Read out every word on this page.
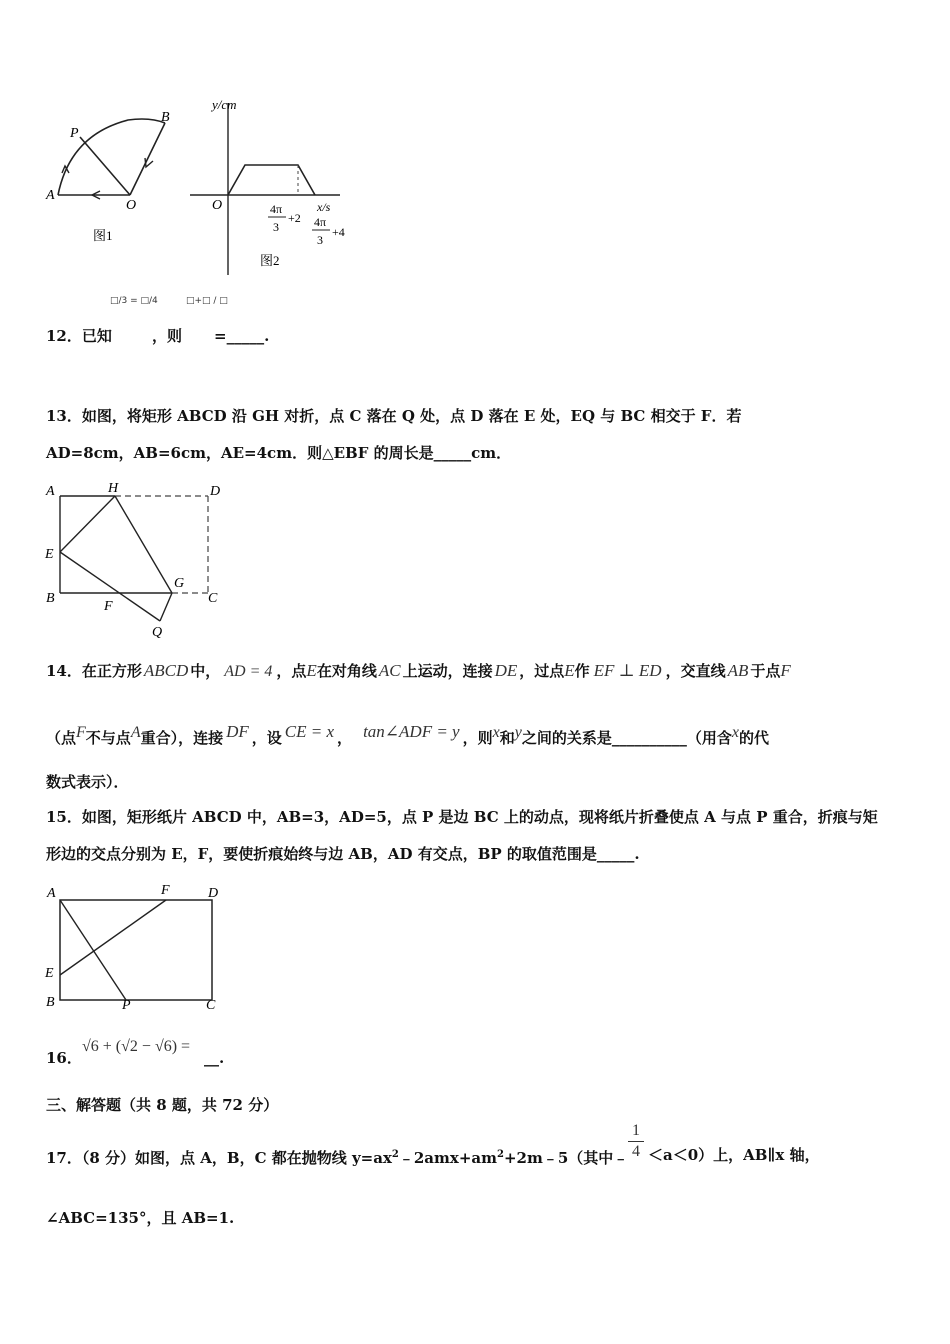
A
O
P
B
图1
y/cm
x/s
O	4π
3
+2 4π
3
+4
图2
□/3 = □/4	□+□ / □
12．已知	，则 =_____.
13．如图，将矩形 ABCD 沿 GH 对折，点 C 落在 Q 处，点 D 落在 E 处，EQ 与 BC 相交于 F．若
AD=8cm，AB=6cm，AE=4cm．则△EBF 的周长是_____cm．
A	H	D
E
G
B
F
C
Q
14．在正方形 ABCD 中， AD = 4 ，点E在对角线 AC 上运动，连接 DE ，过点E作 EF ⊥ ED ，交直线 AB 于点F
（点$^F$不与点$^A$重合），连接 $^{DF}$ ，设 $^{CE = x}$ ， $^{tan\angle ADF = y}$ ，则$^x$和$^y$之间的关系是__________（用含$^x$的代
数式表示）．
15．如图，矩形纸片 ABCD 中，AB=3，AD=5，点 P 是边 BC 上的动点，现将纸片折叠使点 A 与点 P 重合，折痕与矩
形边的交点分别为 E，F，要使折痕始终与边 AB，AD 有交点，BP 的取值范围是_____.
A	F	D
E
B	P	C
16．
√6 + (√2 − √6) =
__.
三、解答题（共 8 题，共 72 分）
17．（8 分）如图，点 A，B，C 都在抛物线 $y=ax^2﹣2amx+am^2+2m﹣5$（其中﹣
1
4 ＜a＜0）上，AB∥x 轴，
∠ABC=135°，且 AB=1.
